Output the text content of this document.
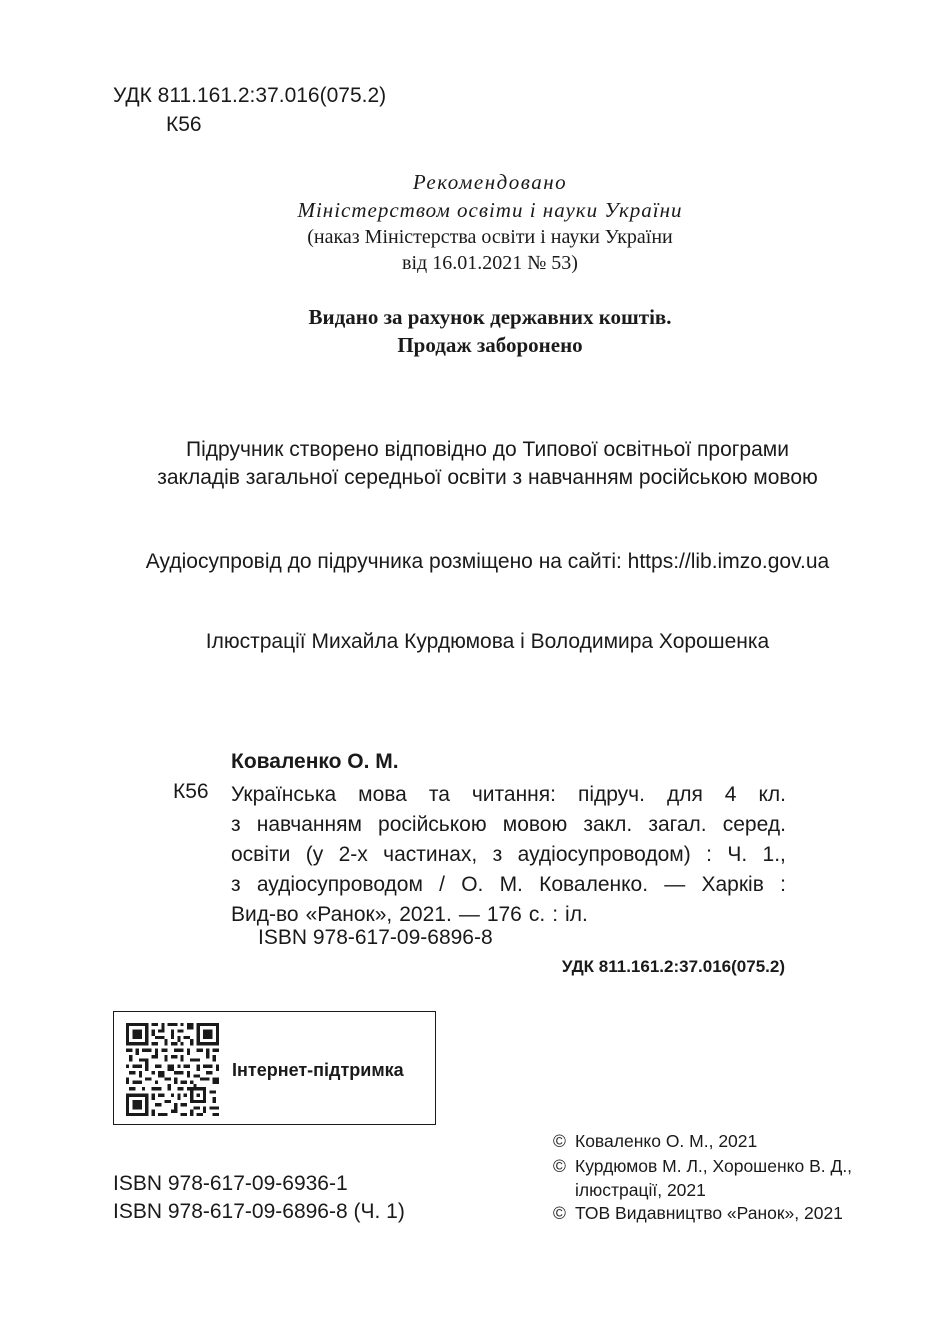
УДК 811.161.2:37.016(075.2)
К56
Рекомендовано
Міністерством освіти і науки України
(наказ Міністерства освіти і науки України
від 16.01.2021 № 53)
Видано за рахунок державних коштів.
Продаж заборонено
Підручник створено відповідно до Типової освітньої програми
закладів загальної середньої освіти з навчанням російською мовою
Аудіосупровід до підручника розміщено на сайті: https://lib.imzo.gov.ua
Ілюстрації Михайла Курдюмова і Володимира Хорошенка
Коваленко О. М.
К56 Українська мова та читання: підруч. для 4 кл.
з навчанням російською мовою закл. загал. серед.
освіти (у 2-х частинах, з аудіосупроводом) : Ч. 1.,
з аудіосупроводом / О. М. Коваленко. — Харків :
Вид-во «Ранок», 2021. — 176 с. : іл.
ISBN 978-617-09-6896-8
УДК 811.161.2:37.016(075.2)
Інтернет-підтримка
© Коваленко О. М., 2021
© Курдюмов М. Л., Хорошенко В. Д.,
ілюстрації, 2021
© ТОВ Видавництво «Ранок», 2021
ISBN 978-617-09-6936-1
ISBN 978-617-09-6896-8 (Ч. 1)
